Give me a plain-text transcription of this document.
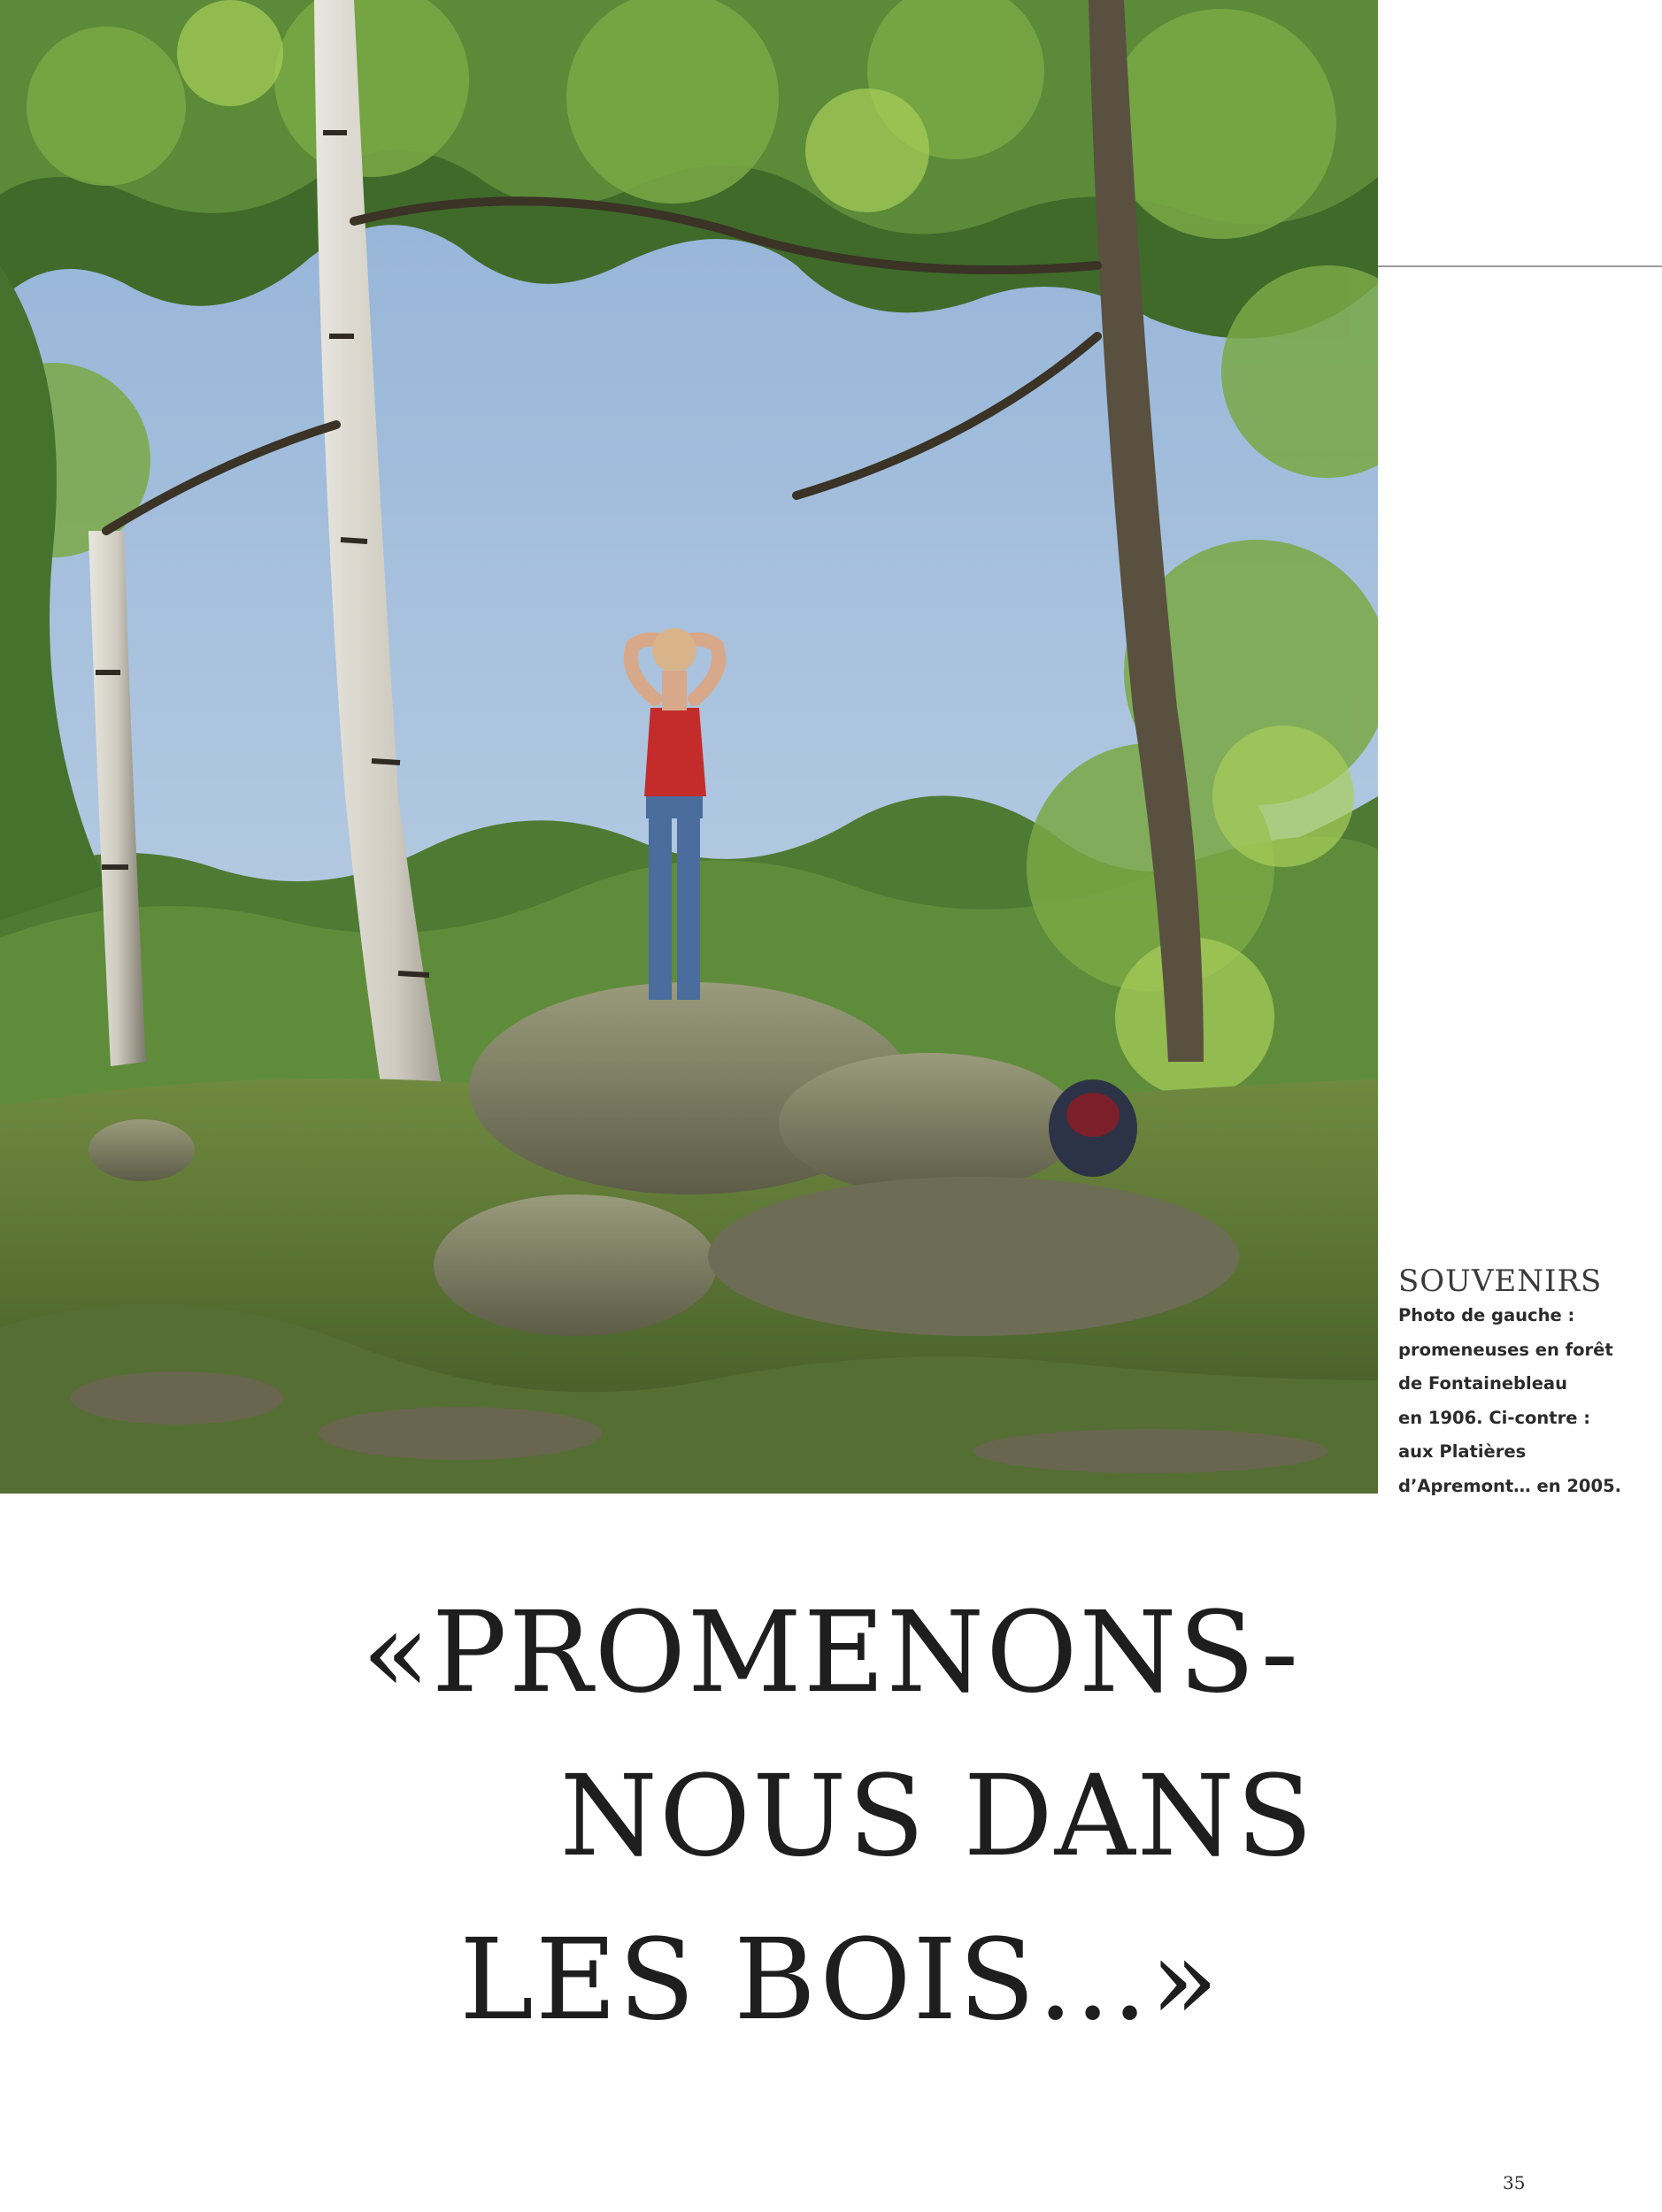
SOUVENIRS
Photo de gauche :
promeneuses en forêt
de Fontainebleau
en 1906. Ci-contre :
aux Platières
d’Apremont… en 2005.
«PROMENONS-
NOUS DANS
LES BOIS…»
35
